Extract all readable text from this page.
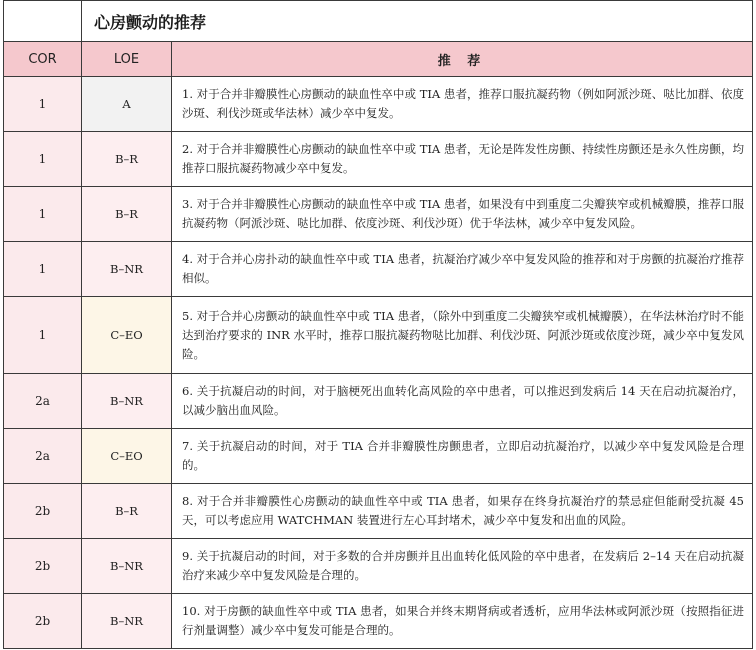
	心房颤动的推荐	
COR	LOE	推 荐
1	A	1. 对于合并非瓣膜性心房颤动的缺血性卒中或 TIA 患者，推荐口服抗凝药物（例如阿派沙斑、哒比加群、依度沙斑、利伐沙斑或华法林）减少卒中复发。
1	B–R	2. 对于合并非瓣膜性心房颤动的缺血性卒中或 TIA 患者，无论是阵发性房颤、持续性房颤还是永久性房颤，均推荐口服抗凝药物减少卒中复发。
1	B–R	3. 对于合并非瓣膜性心房颤动的缺血性卒中或 TIA 患者，如果没有中到重度二尖瓣狭窄或机械瓣膜，推荐口服抗凝药物（阿派沙斑、哒比加群、依度沙斑、利伐沙斑）优于华法林，减少卒中复发风险。
1	B–NR	4. 对于合并心房扑动的缺血性卒中或 TIA 患者，抗凝治疗减少卒中复发风险的推荐和对于房颤的抗凝治疗推荐相似。
1	C–EO	5. 对于合并心房颤动的缺血性卒中或 TIA 患者，（除外中到重度二尖瓣狭窄或机械瓣膜），在华法林治疗时不能达到治疗要求的 INR 水平时，推荐口服抗凝药物哒比加群、利伐沙斑、阿派沙斑或依度沙斑，减少卒中复发风险。
2a	B–NR	6. 关于抗凝启动的时间，对于脑梗死出血转化高风险的卒中患者，可以推迟到发病后 14 天在启动抗凝治疗，以减少脑出血风险。
2a	C–EO	7. 关于抗凝启动的时间，对于 TIA 合并非瓣膜性房颤患者，立即启动抗凝治疗，以减少卒中复发风险是合理的。
2b	B–R	8. 对于合并非瓣膜性心房颤动的缺血性卒中或 TIA 患者，如果存在终身抗凝治疗的禁忌症但能耐受抗凝 45 天，可以考虑应用 WATCHMAN 装置进行左心耳封堵术，减少卒中复发和出血的风险。
2b	B–NR	9. 关于抗凝启动的时间，对于多数的合并房颤并且出血转化低风险的卒中患者，在发病后 2–14 天在启动抗凝治疗来减少卒中复发风险是合理的。
2b	B–NR	10. 对于房颤的缺血性卒中或 TIA 患者，如果合并终末期肾病或者透析，应用华法林或阿派沙斑（按照指征进行剂量调整）减少卒中复发可能是合理的。
